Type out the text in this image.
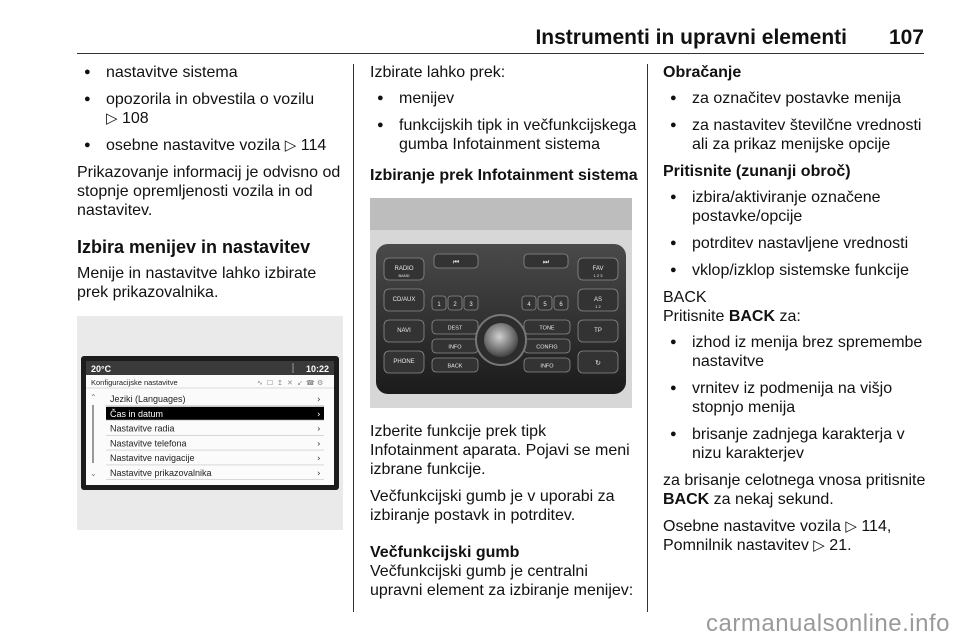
Instrumenti in upravni elementi 107
● nastavitve sistema
● opozorila in obvestila o vozilu
▷ 108
● osebne nastavitve vozila ▷ 114

Prikazovanje informacij je odvisno od stopnje opremljenosti vozila in od nastavitev.

Izbira menijev in nastavitev

Menije in nastavitve lahko izbirate prek prikazovalnika.

20°C	10:22
Konfiguracijske nastavitve	∿ ☐ ↥ ✕ ↙ ☎ ⚙
⌃
⌄
Jeziki (Languages)	›
Čas in datum	›
Nastavitve radia	›
Nastavitve telefona	›
Nastavitve navigacije	›
Nastavitve prikazovalnika	›

Izbirate lahko prek:

● menijev
● funkcijskih tipk in večfunkcijskega gumba Infotainment sistema

Izbiranje prek Infotainment sistema

RADIO
BAND
CD/AUX
NAVI
PHONE
FAV
1 2 3
AS
1 2
TP
↻
⏮	⏭
DEST	TONE
INFO	CONFIG
BACK	INFO
1 2 3	4 5 6

Izberite funkcije prek tipk Infotainment aparata. Pojavi se meni izbrane funkcije.

Večfunkcijski gumb je v uporabi za izbiranje postavk in potrditev.

Večfunkcijski gumb

Večfunkcijski gumb je centralni upravni element za izbiranje menijev:

Obračanje

● za označitev postavke menija
● za nastavitev številčne vrednosti ali za prikaz menijske opcije

Pritisnite (zunanji obroč)

● izbira/aktiviranje označene postavke/opcije
● potrditev nastavljene vrednosti
● vklop/izklop sistemske funkcije

BACK

Pritisnite BACK za:

● izhod iz menija brez spremembe nastavitve
● vrnitev iz podmenija na višjo stopnjo menija
● brisanje zadnjega karakterja v nizu karakterjev

za brisanje celotnega vnosa pritisnite BACK za nekaj sekund.

Osebne nastavitve vozila ▷ 114,
Pomnilnik nastavitev ▷ 21.

carmanualsonline.info
